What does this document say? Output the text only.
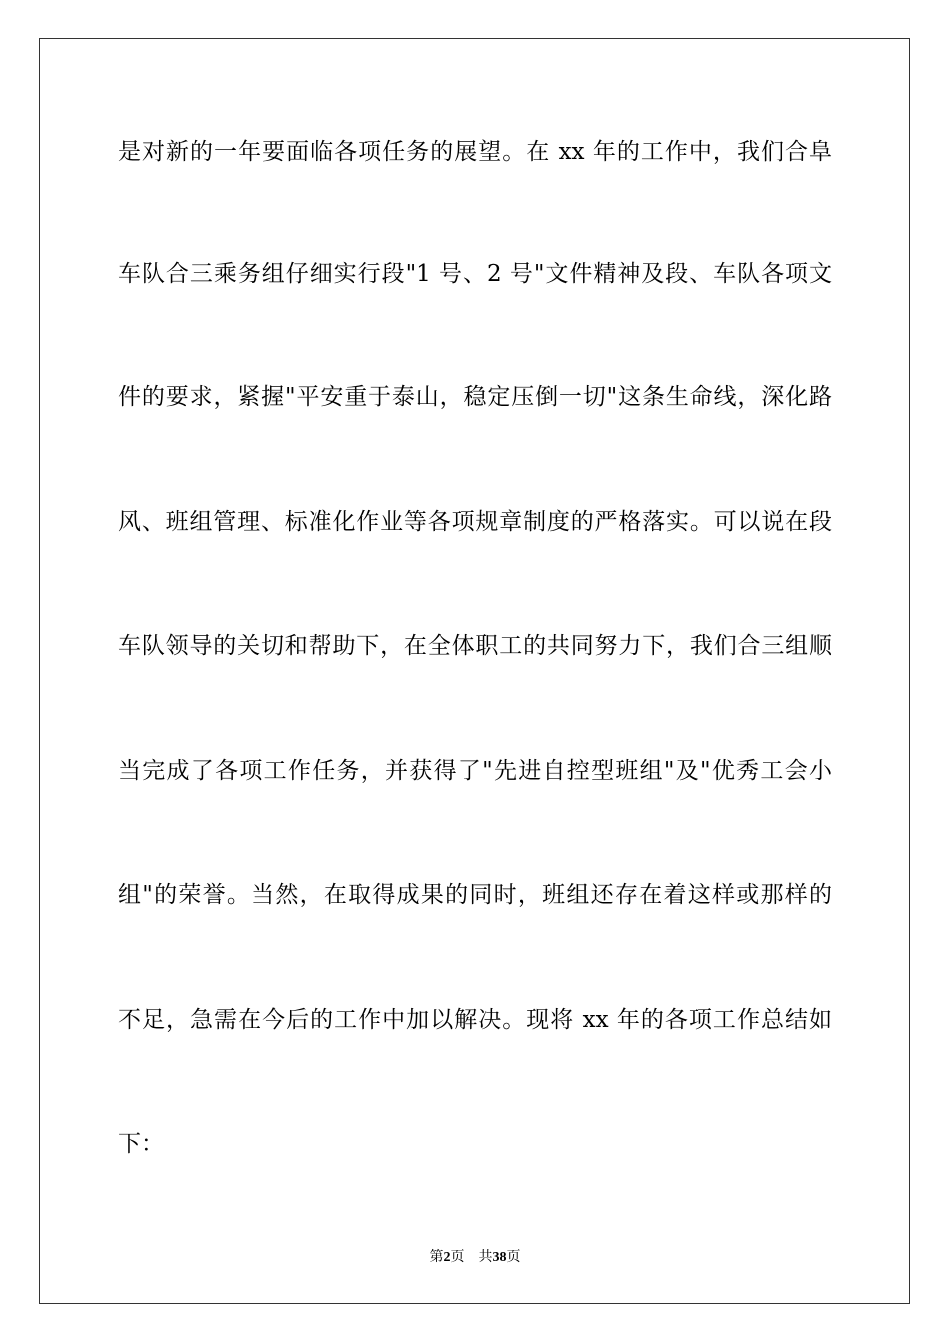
是对新的一年要面临各项任务的展望。在 xx 年的工作中，我们合阜
车队合三乘务组仔细实行段"1 号、2 号"文件精神及段、车队各项文
件的要求，紧握"平安重于泰山，稳定压倒一切"这条生命线，深化路
风、班组管理、标准化作业等各项规章制度的严格落实。可以说在段
车队领导的关切和帮助下，在全体职工的共同努力下，我们合三组顺
当完成了各项工作任务，并获得了"先进自控型班组"及"优秀工会小
组"的荣誉。当然，在取得成果的同时，班组还存在着这样或那样的
不足，急需在今后的工作中加以解决。现将 xx 年的各项工作总结如
下：
第2页　共38页
